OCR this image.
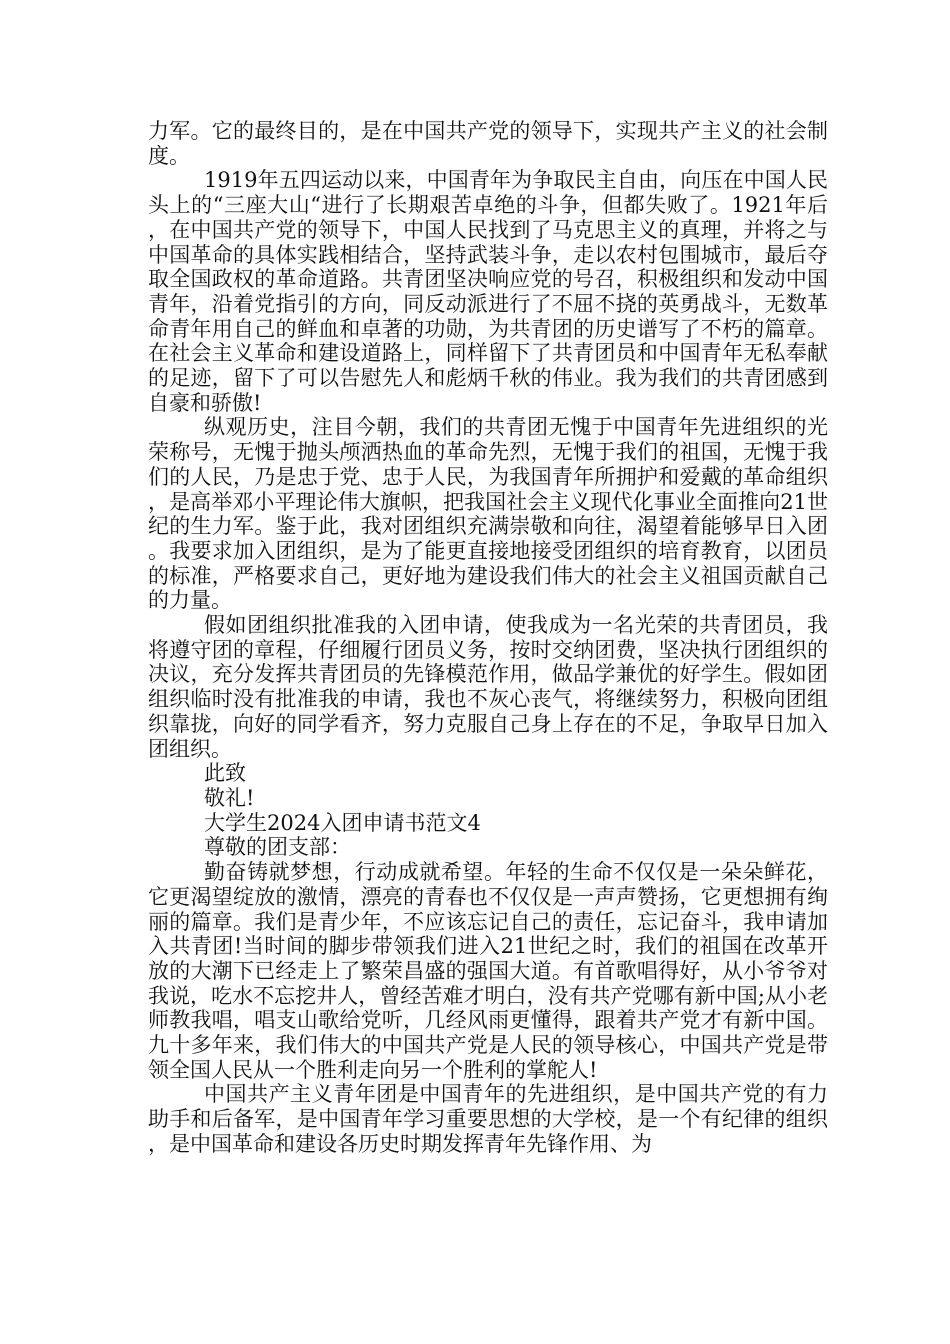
力军。它的最终目的，是在中国共产党的领导下，实现共产主义的社会制度。

1919年五四运动以来，中国青年为争取民主自由，向压在中国人民头上的“三座大山“进行了长期艰苦卓绝的斗争，但都失败了。1921年后，在中国共产党的领导下，中国人民找到了马克思主义的真理，并将之与中国革命的具体实践相结合，坚持武装斗争，走以农村包围城市，最后夺取全国政权的革命道路。共青团坚决响应党的号召，积极组织和发动中国青年，沿着党指引的方向，同反动派进行了不屈不挠的英勇战斗，无数革命青年用自己的鲜血和卓著的功勋，为共青团的历史谱写了不朽的篇章。在社会主义革命和建设道路上，同样留下了共青团员和中国青年无私奉献的足迹，留下了可以告慰先人和彪炳千秋的伟业。我为我们的共青团感到自豪和骄傲!

纵观历史，注目今朝，我们的共青团无愧于中国青年先进组织的光荣称号，无愧于抛头颅洒热血的革命先烈，无愧于我们的祖国，无愧于我们的人民，乃是忠于党、忠于人民，为我国青年所拥护和爱戴的革命组织，是高举邓小平理论伟大旗帜，把我国社会主义现代化事业全面推向21世纪的生力军。鉴于此，我对团组织充满崇敬和向往，渴望着能够早日入团。我要求加入团组织，是为了能更直接地接受团组织的培育教育，以团员的标准，严格要求自己，更好地为建设我们伟大的社会主义祖国贡献自己的力量。

假如团组织批准我的入团申请，使我成为一名光荣的共青团员，我将遵守团的章程，仔细履行团员义务，按时交纳团费，坚决执行团组织的决议，充分发挥共青团员的先锋模范作用，做品学兼优的好学生。假如团组织临时没有批准我的申请，我也不灰心丧气，将继续努力，积极向团组织靠拢，向好的同学看齐，努力克服自己身上存在的不足，争取早日加入团组织。

此致

敬礼!

大学生2024入团申请书范文4

尊敬的团支部：

勤奋铸就梦想，行动成就希望。年轻的生命不仅仅是一朵朵鲜花，它更渴望绽放的激情，漂亮的青春也不仅仅是一声声赞扬，它更想拥有绚丽的篇章。我们是青少年，不应该忘记自己的责任，忘记奋斗，我申请加入共青团!当时间的脚步带领我们进入21世纪之时，我们的祖国在改革开放的大潮下已经走上了繁荣昌盛的强国大道。有首歌唱得好，从小爷爷对我说，吃水不忘挖井人，曾经苦难才明白，没有共产党哪有新中国;从小老师教我唱，唱支山歌给党听，几经风雨更懂得，跟着共产党才有新中国。九十多年来，我们伟大的中国共产党是人民的领导核心，中国共产党是带领全国人民从一个胜利走向另一个胜利的掌舵人!

中国共产主义青年团是中国青年的先进组织，是中国共产党的有力助手和后备军，是中国青年学习重要思想的大学校，是一个有纪律的组织，是中国革命和建设各历史时期发挥青年先锋作用、为
